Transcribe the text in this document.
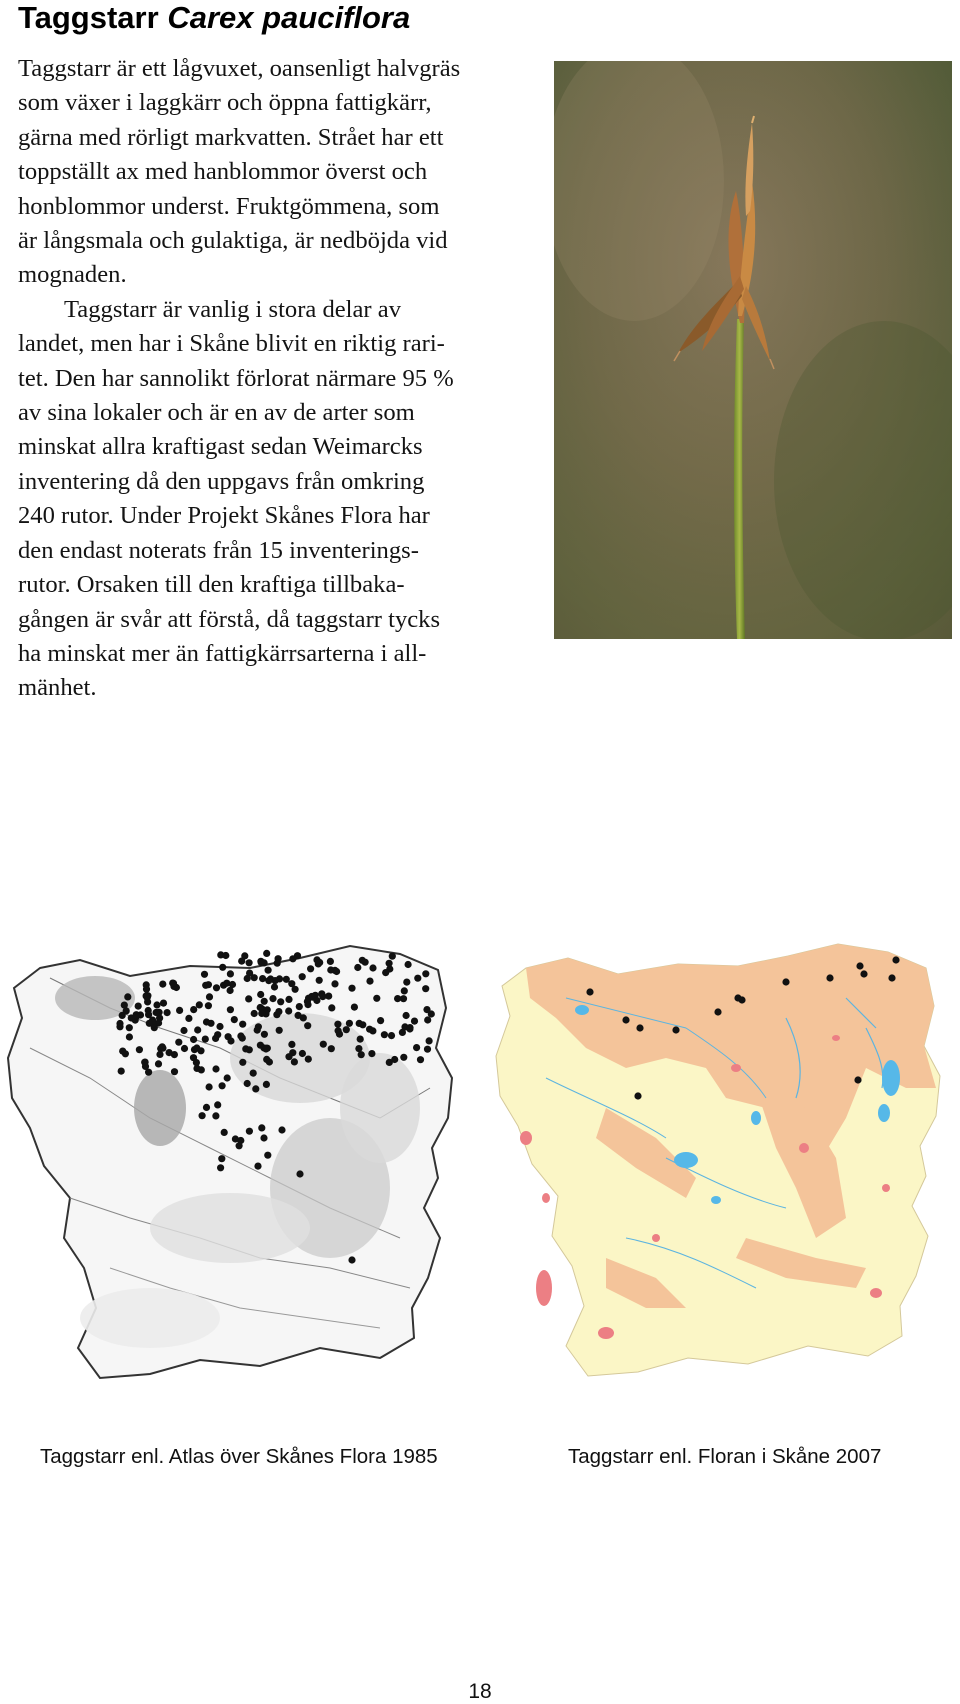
Taggstarr Carex pauciflora
Taggstarr är ett lågvuxet, oansenligt halvgräs
som växer i laggkärr och öppna fattigkärr,
gärna med rörligt markvatten. Strået har ett
toppställt ax med hanblommor överst och
honblommor underst. Fruktgömmena, som
är långsmala och gulaktiga, är nedböjda vid
mognaden.
Taggstarr är vanlig i stora delar av
landet, men har i Skåne blivit en riktig rari-
tet. Den har sannolikt förlorat närmare 95 %
av sina lokaler och är en av de arter som
minskat allra kraftigast sedan Weimarcks
inventering då den uppgavs från omkring
240 rutor. Under Projekt Skånes Flora har
den endast noterats från 15 inventerings-
rutor. Orsaken till den kraftiga tillbaka-
gången är svår att förstå, då taggstarr tycks
ha minskat mer än fattigkärrsarterna i all-
mänhet.
Taggstarr enl. Atlas över Skånes Flora 1985	Taggstarr enl. Floran i Skåne 2007
18
